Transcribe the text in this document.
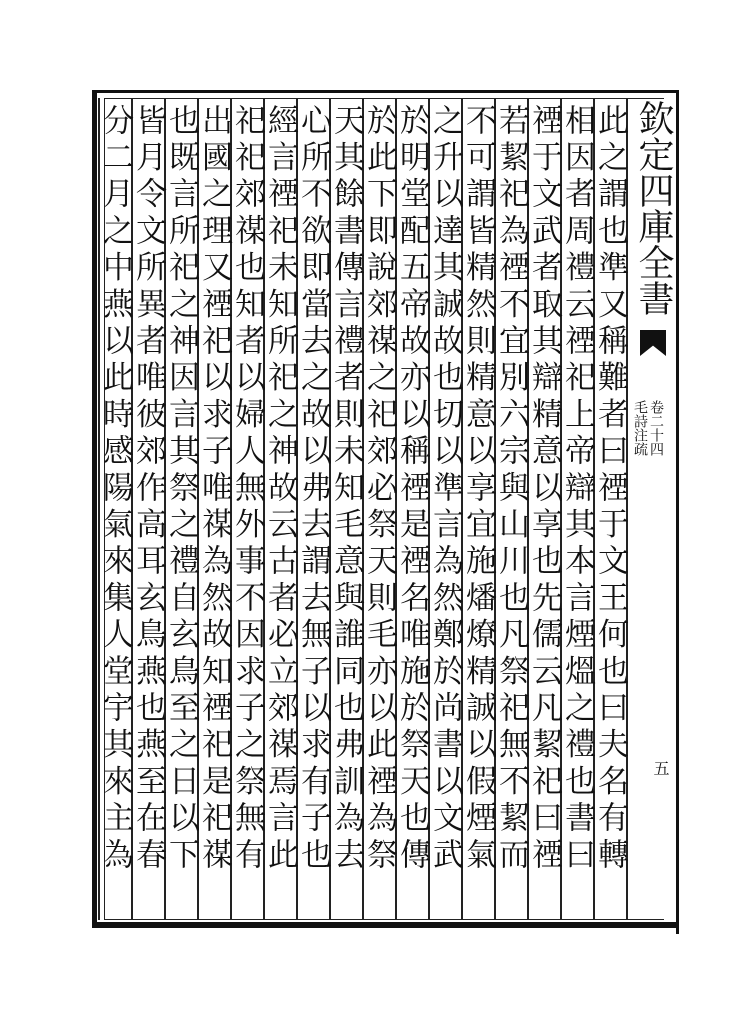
此之謂也準又稱難者曰禋于文王何也曰夫名有轉
相因者周禮云禋祀上帝辯其本言煙熅之禮也書曰
禋于文武者取其辯精意以享也先儒云凡絜祀曰禋
若絜祀為禋不宜別六宗與山川也凡祭祀無不絜而
不可謂皆精然則精意以享宜施燔燎精誠以假煙氣
之升以達其誠故也切以準言為然鄭於尚書以文武
於明堂配五帝故亦以稱禋是禋名唯施於祭天也傳
於此下即說郊禖之祀郊必祭天則毛亦以此禋為祭
天其餘書傳言禮者則未知毛意與誰同也弗訓為去
心所不欲即當去之故以弗去謂去無子以求有子也
經言禋祀未知所祀之神故云古者必立郊禖焉言此
祀祀郊禖也知者以婦人無外事不因求子之祭無有
出國之理又禋祀以求子唯禖為然故知禋祀是祀禖
也既言所祀之神因言其祭之禮自玄鳥至之日以下
皆月令文所異者唯彼郊作高耳玄鳥燕也燕至在春
分二月之中燕以此時感陽氣來集人堂宇其來主為	欽定四庫全書
卷二十四
毛詩注疏
五
